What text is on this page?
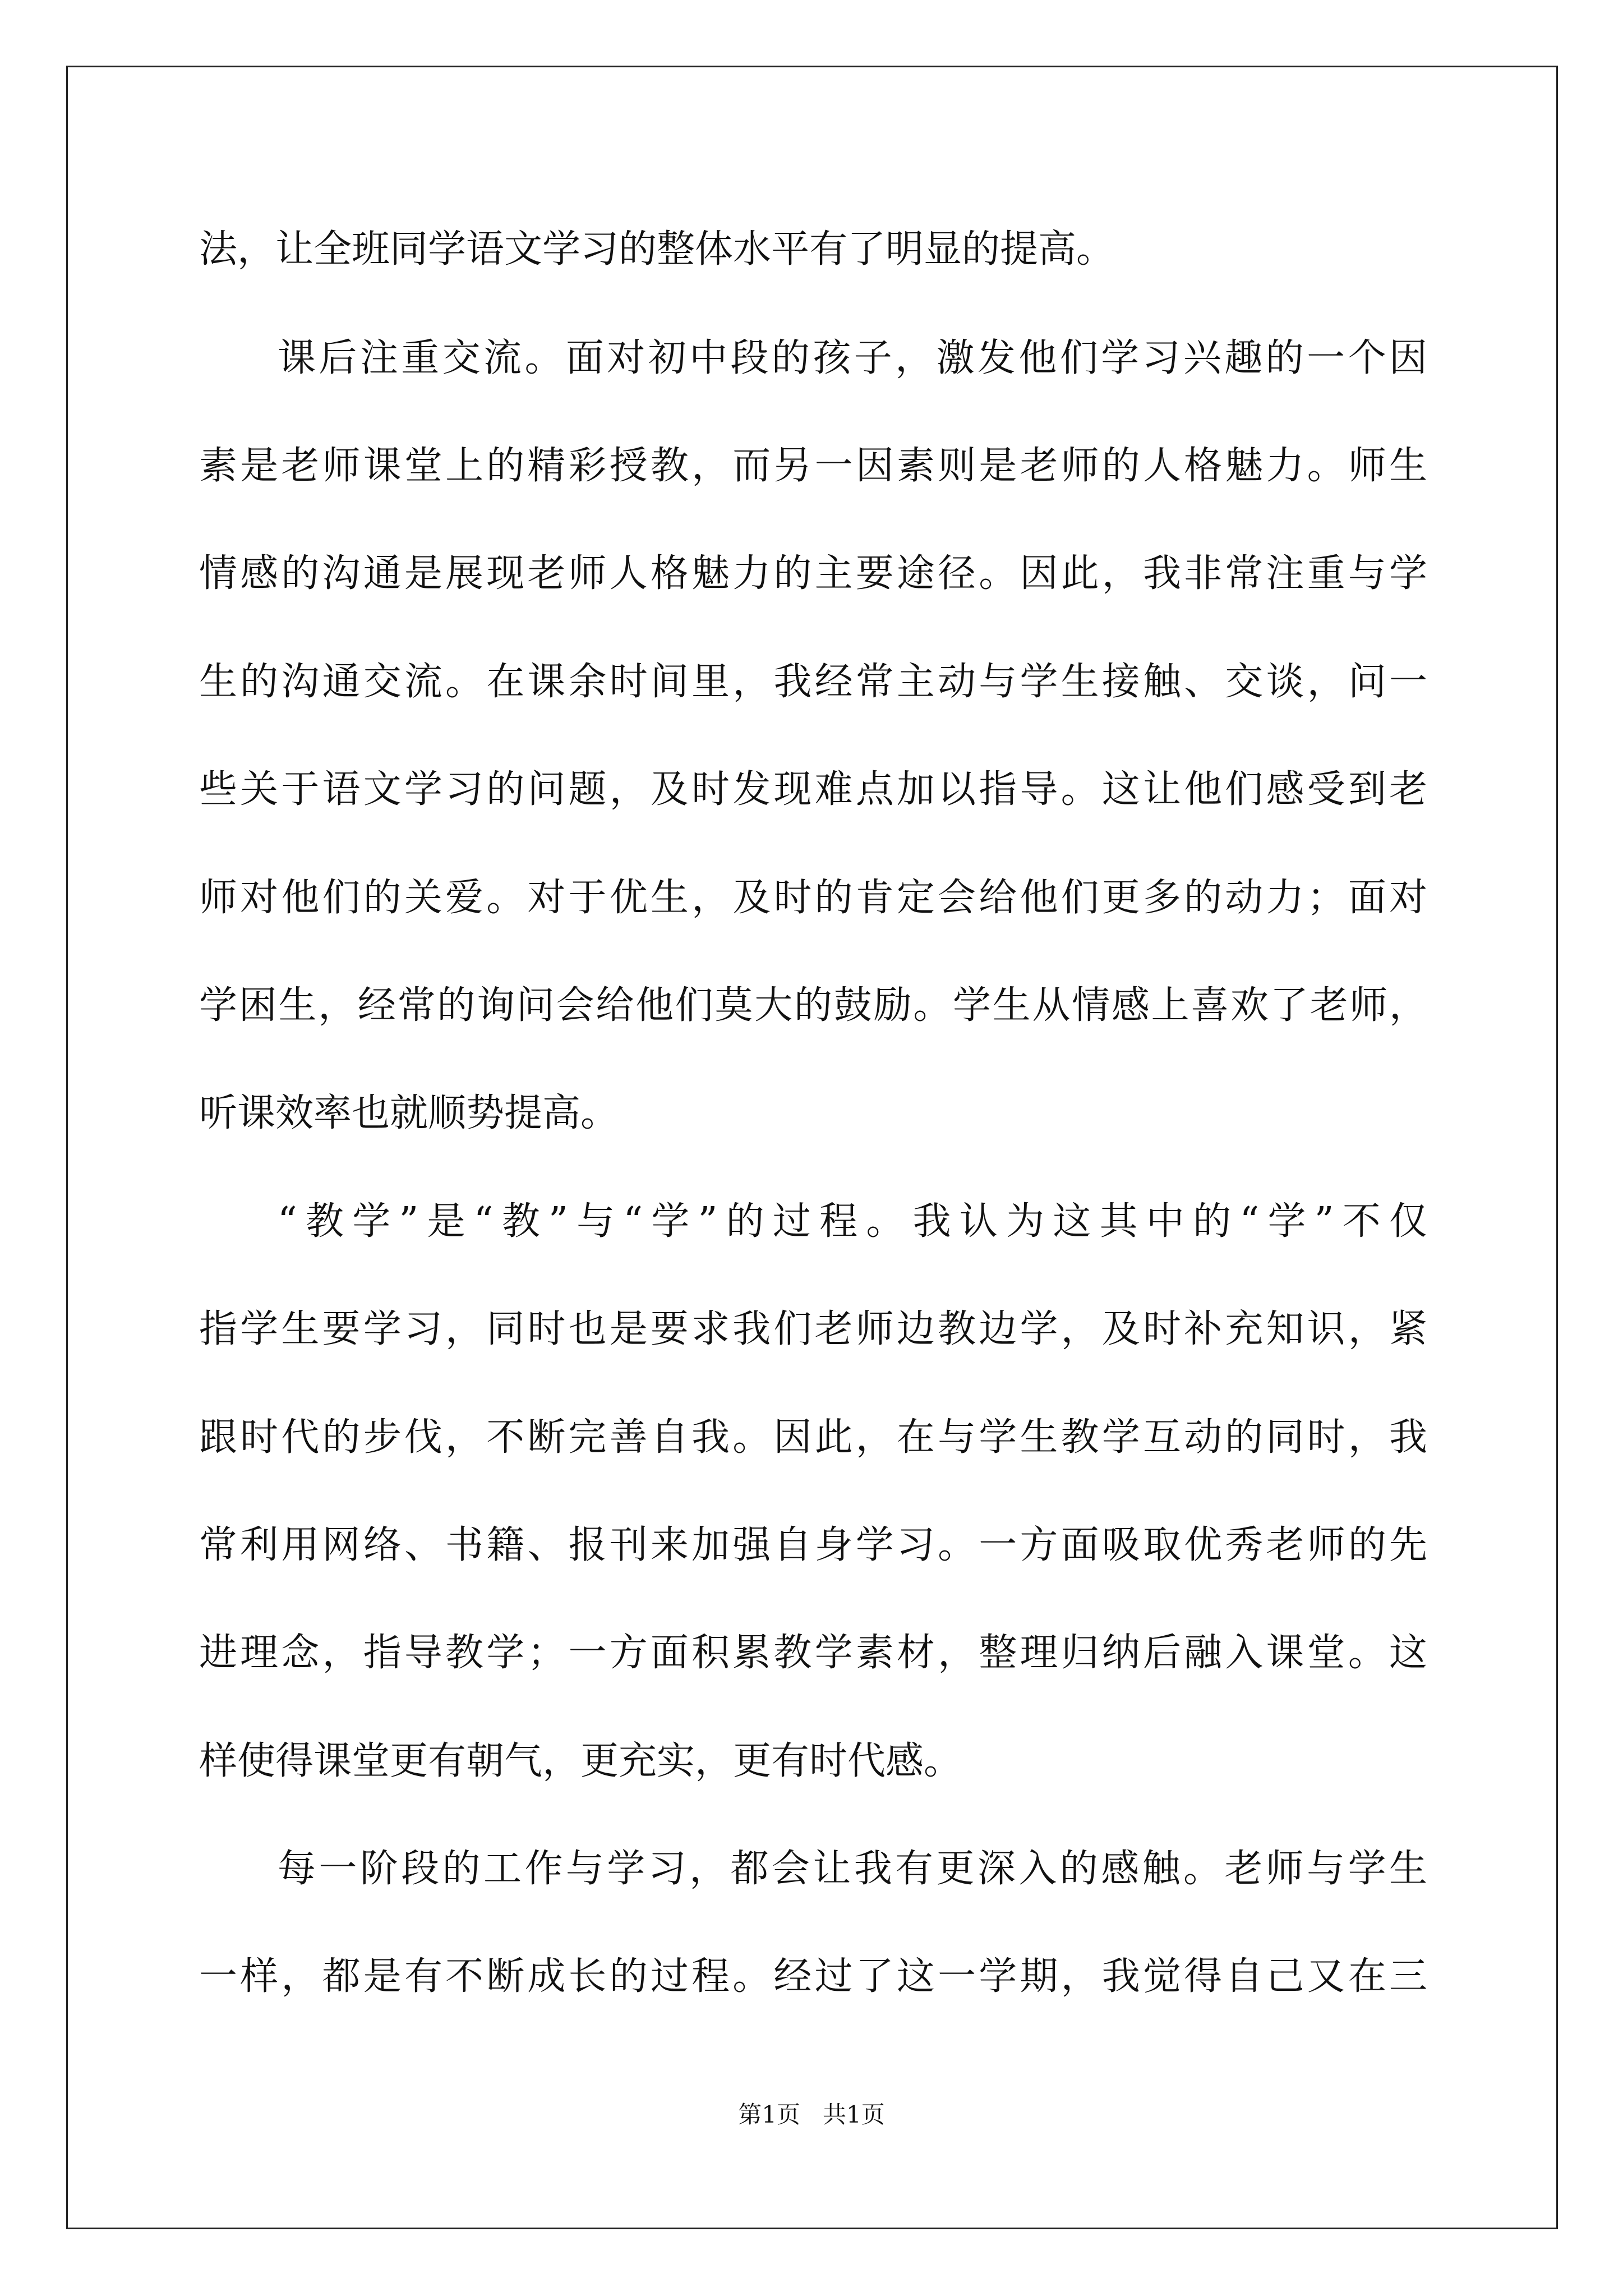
法，让全班同学语文学习的整体水平有了明显的提高。
课后注重交流。面对初中段的孩子，激发他们学习兴趣的一个因
素是老师课堂上的精彩授教，而另一因素则是老师的人格魅力。师生
情感的沟通是展现老师人格魅力的主要途径。因此，我非常注重与学
生的沟通交流。在课余时间里，我经常主动与学生接触、交谈，问一
些关于语文学习的问题，及时发现难点加以指导。这让他们感受到老
师对他们的关爱。对于优生，及时的肯定会给他们更多的动力；面对
学困生，经常的询问会给他们莫大的鼓励。学生从情感上喜欢了老师，
听课效率也就顺势提高。
“教学”是“教”与“学”的过程。我认为这其中的“学”不仅
指学生要学习，同时也是要求我们老师边教边学，及时补充知识，紧
跟时代的步伐，不断完善自我。因此，在与学生教学互动的同时，我
常利用网络、书籍、报刊来加强自身学习。一方面吸取优秀老师的先
进理念，指导教学；一方面积累教学素材，整理归纳后融入课堂。这
样使得课堂更有朝气，更充实，更有时代感。
每一阶段的工作与学习，都会让我有更深入的感触。老师与学生
一样，都是有不断成长的过程。经过了这一学期，我觉得自己又在三
第1页 共1页
